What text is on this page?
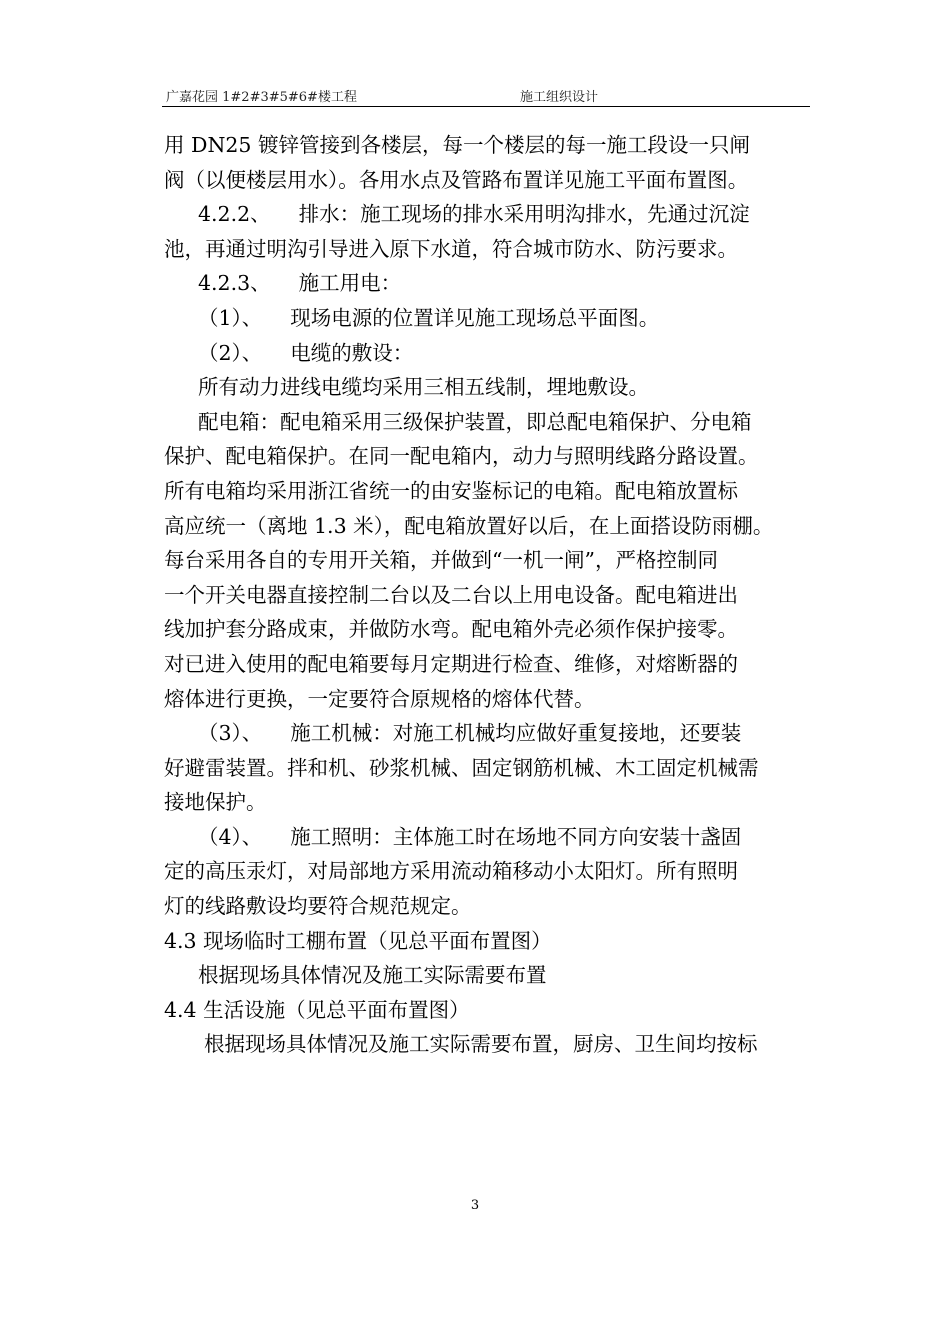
广嘉花园 1#2#3#5#6#楼工程	施工组织设计
用 DN25 镀锌管接到各楼层，每一个楼层的每一施工段设一只闸
阀（以便楼层用水）。各用水点及管路布置详见施工平面布置图。
4.2.2、 排水：施工现场的排水采用明沟排水，先通过沉淀
池，再通过明沟引导进入原下水道，符合城市防水、防污要求。
4.2.3、 施工用电：
（1）、 现场电源的位置详见施工现场总平面图。
（2）、 电缆的敷设：
所有动力进线电缆均采用三相五线制，埋地敷设。
配电箱：配电箱采用三级保护装置，即总配电箱保护、分电箱
保护、配电箱保护。在同一配电箱内，动力与照明线路分路设置。
所有电箱均采用浙江省统一的由安鉴标记的电箱。配电箱放置标
高应统一（离地 1.3 米），配电箱放置好以后，在上面搭设防雨棚。
每台采用各自的专用开关箱，并做到“一机一闸”，严格控制同
一个开关电器直接控制二台以及二台以上用电设备。配电箱进出
线加护套分路成束，并做防水弯。配电箱外壳必须作保护接零。
对已进入使用的配电箱要每月定期进行检查、维修，对熔断器的
熔体进行更换，一定要符合原规格的熔体代替。
（3）、 施工机械：对施工机械均应做好重复接地，还要装
好避雷装置。拌和机、砂浆机械、固定钢筋机械、木工固定机械需
接地保护。
（4）、 施工照明：主体施工时在场地不同方向安装十盏固
定的高压汞灯，对局部地方采用流动箱移动小太阳灯。所有照明
灯的线路敷设均要符合规范规定。
4.3 现场临时工棚布置（见总平面布置图）
根据现场具体情况及施工实际需要布置
4.4 生活设施（见总平面布置图）
根据现场具体情况及施工实际需要布置，厨房、卫生间均按标
3
